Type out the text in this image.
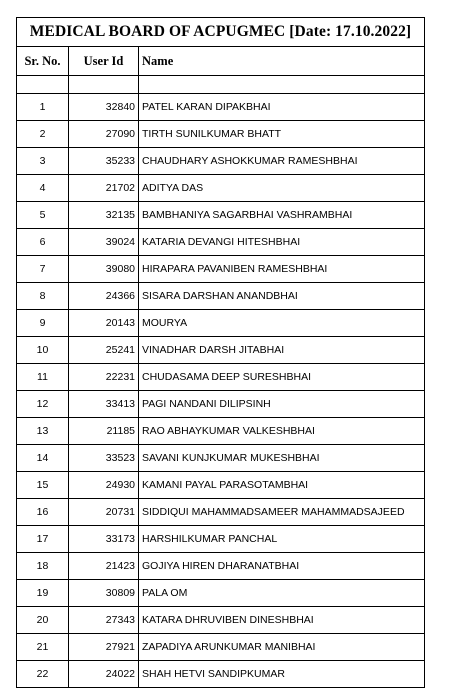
MEDICAL BOARD OF ACPUGMEC [Date: 17.10.2022]		
Sr. No.	User Id	Name

1	32840	PATEL KARAN DIPAKBHAI
2	27090	TIRTH SUNILKUMAR BHATT
3	35233	CHAUDHARY ASHOKKUMAR RAMESHBHAI
4	21702	ADITYA DAS
5	32135	BAMBHANIYA SAGARBHAI VASHRAMBHAI
6	39024	KATARIA DEVANGI HITESHBHAI
7	39080	HIRAPARA PAVANIBEN RAMESHBHAI
8	24366	SISARA DARSHAN ANANDBHAI
9	20143	MOURYA
10	25241	VINADHAR DARSH JITABHAI
11	22231	CHUDASAMA DEEP SURESHBHAI
12	33413	PAGI NANDANI DILIPSINH
13	21185	RAO ABHAYKUMAR VALKESHBHAI
14	33523	SAVANI KUNJKUMAR MUKESHBHAI
15	24930	KAMANI PAYAL PARASOTAMBHAI
16	20731	SIDDIQUI MAHAMMADSAMEER MAHAMMADSAJEED
17	33173	HARSHILKUMAR PANCHAL
18	21423	GOJIYA HIREN DHARANATBHAI
19	30809	PALA OM
20	27343	KATARA DHRUVIBEN DINESHBHAI
21	27921	ZAPADIYA ARUNKUMAR MANIBHAI
22	24022	SHAH HETVI SANDIPKUMAR
